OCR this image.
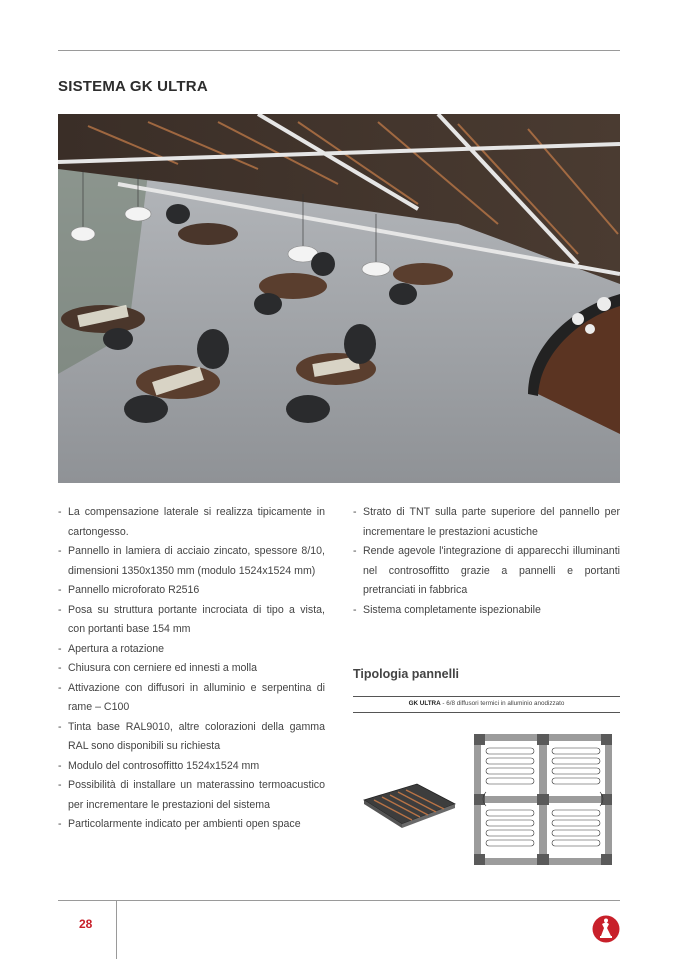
SISTEMA GK ULTRA
- La compensazione laterale si realizza tipicamente in cartongesso.
- Pannello in lamiera di acciaio zincato, spessore 8/10, dimensioni 1350x1350 mm (modulo 1524x1524 mm)
- Pannello microforato R2516
- Posa su struttura portante incrociata di tipo a vista, con portanti base 154 mm
- Apertura a rotazione
- Chiusura con cerniere ed innesti a molla
- Attivazione con diffusori in alluminio e serpentina di rame – C100
- Tinta base RAL9010, altre colorazioni della gamma RAL sono disponibili su richiesta
- Modulo del controsoffitto 1524x1524 mm
- Possibilità di installare un materassino termoacustico per incrementare le prestazioni del sistema
- Particolarmente indicato per ambienti open space
- Strato di TNT sulla parte superiore del pannello per incrementare le prestazioni acustiche
- Rende agevole l'integrazione di apparecchi illuminanti nel controsoffitto grazie a pannelli e portanti pretranciati in fabbrica
- Sistema completamente ispezionabile
Tipologia pannelli
GK ULTRA - 6/8 diffusori termici in alluminio anodizzato
28
